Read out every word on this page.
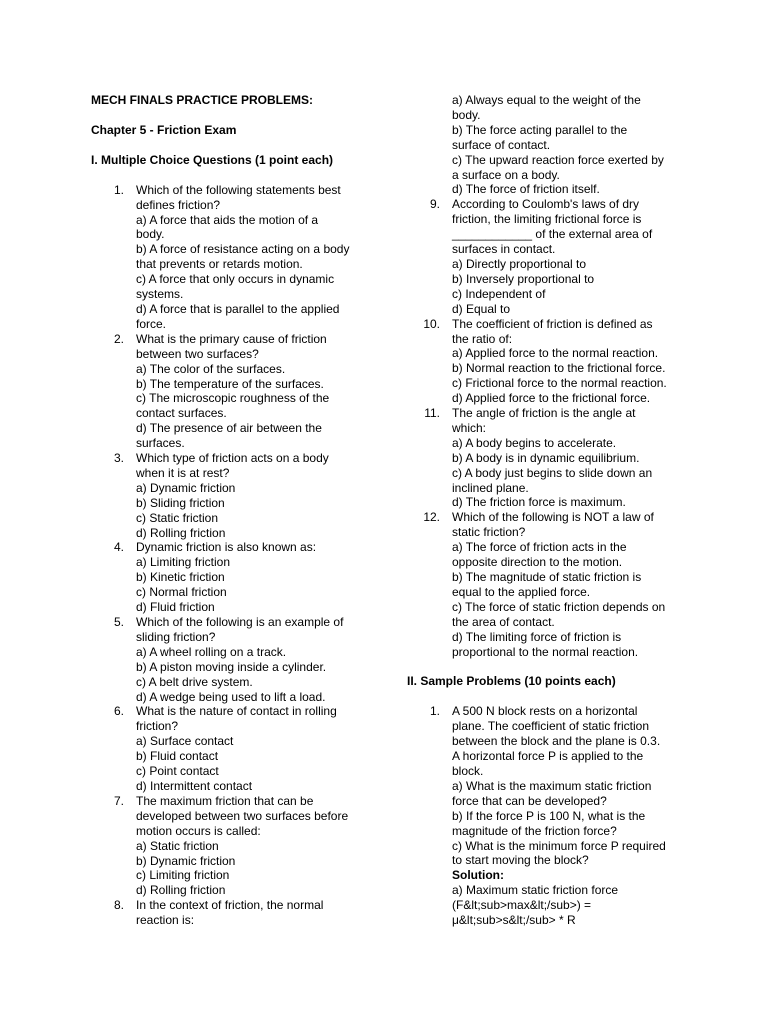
MECH FINALS PRACTICE PROBLEMS:
Chapter 5 - Friction Exam
I. Multiple Choice Questions (1 point each)
1. Which of the following statements best
defines friction?
a) A force that aids the motion of a
body.
b) A force of resistance acting on a body
that prevents or retards motion.
c) A force that only occurs in dynamic
systems.
d) A force that is parallel to the applied
force.
2. What is the primary cause of friction
between two surfaces?
a) The color of the surfaces.
b) The temperature of the surfaces.
c) The microscopic roughness of the
contact surfaces.
d) The presence of air between the
surfaces.
3. Which type of friction acts on a body
when it is at rest?
a) Dynamic friction
b) Sliding friction
c) Static friction
d) Rolling friction
4. Dynamic friction is also known as:
a) Limiting friction
b) Kinetic friction
c) Normal friction
d) Fluid friction
5. Which of the following is an example of
sliding friction?
a) A wheel rolling on a track.
b) A piston moving inside a cylinder.
c) A belt drive system.
d) A wedge being used to lift a load.
6. What is the nature of contact in rolling
friction?
a) Surface contact
b) Fluid contact
c) Point contact
d) Intermittent contact
7. The maximum friction that can be
developed between two surfaces before
motion occurs is called:
a) Static friction
b) Dynamic friction
c) Limiting friction
d) Rolling friction
8. In the context of friction, the normal
reaction is:
a) Always equal to the weight of the
body.
b) The force acting parallel to the
surface of contact.
c) The upward reaction force exerted by
a surface on a body.
d) The force of friction itself.
9. According to Coulomb's laws of dry
friction, the limiting frictional force is
____________ of the external area of
surfaces in contact.
a) Directly proportional to
b) Inversely proportional to
c) Independent of
d) Equal to
10. The coefficient of friction is defined as
the ratio of:
a) Applied force to the normal reaction.
b) Normal reaction to the frictional force.
c) Frictional force to the normal reaction.
d) Applied force to the frictional force.
11. The angle of friction is the angle at
which:
a) A body begins to accelerate.
b) A body is in dynamic equilibrium.
c) A body just begins to slide down an
inclined plane.
d) The friction force is maximum.
12. Which of the following is NOT a law of
static friction?
a) The force of friction acts in the
opposite direction to the motion.
b) The magnitude of static friction is
equal to the applied force.
c) The force of static friction depends on
the area of contact.
d) The limiting force of friction is
proportional to the normal reaction.
II. Sample Problems (10 points each)
1. A 500 N block rests on a horizontal
plane. The coefficient of static friction
between the block and the plane is 0.3.
A horizontal force P is applied to the
block.
a) What is the maximum static friction
force that can be developed?
b) If the force P is 100 N, what is the
magnitude of the friction force?
c) What is the minimum force P required
to start moving the block?
Solution:
a) Maximum static friction force
(F&lt;sub>max&lt;/sub>) =
μ&lt;sub>s&lt;/sub> * R
